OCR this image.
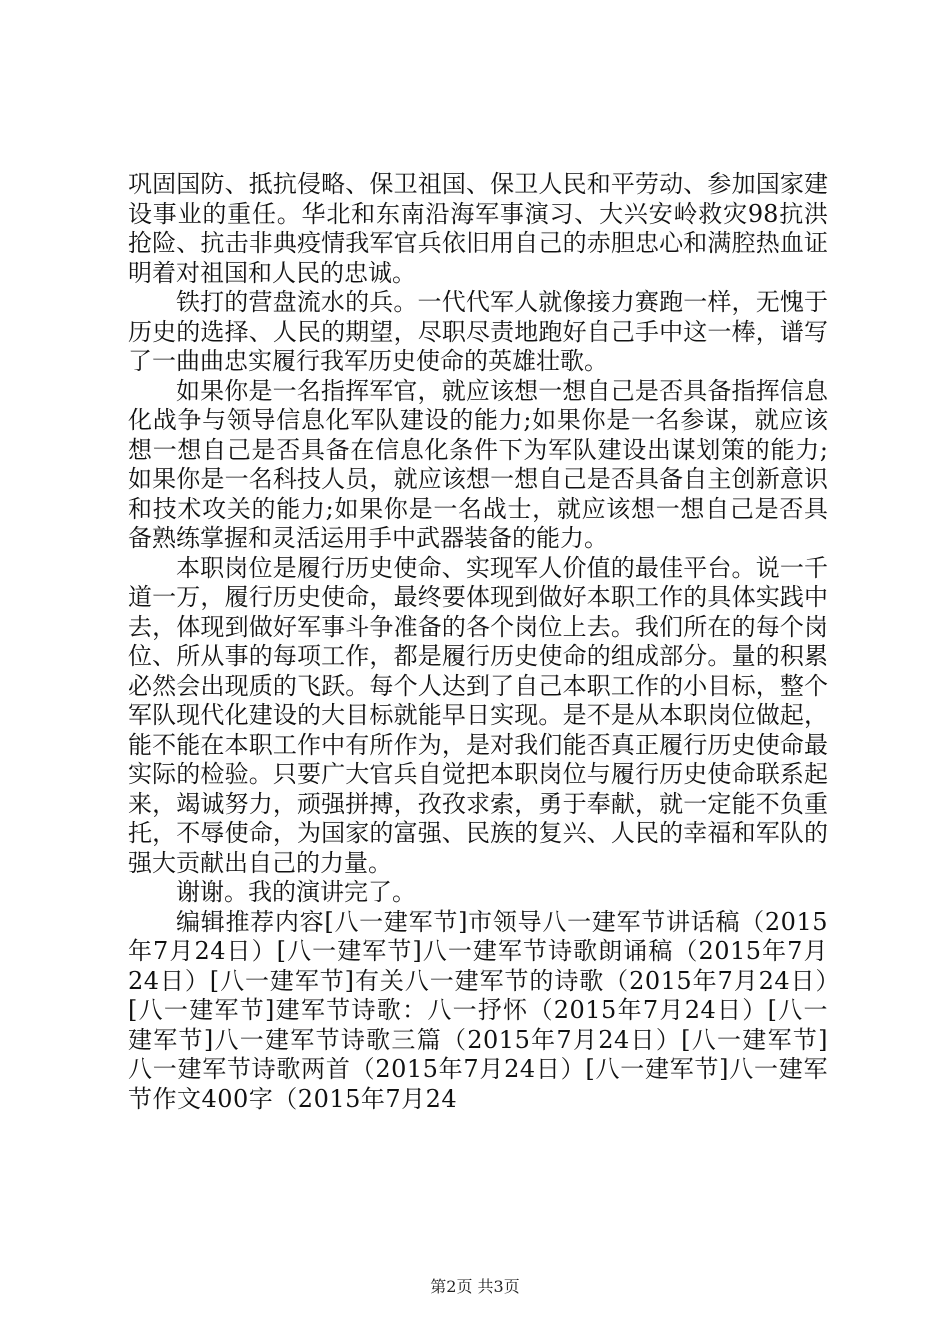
巩固国防、抵抗侵略、保卫祖国、保卫人民和平劳动、参加国家建设事业的重任。华北和东南沿海军事演习、大兴安岭救灾98抗洪抢险、抗击非典疫情我军官兵依旧用自己的赤胆忠心和满腔热血证明着对祖国和人民的忠诚。

铁打的营盘流水的兵。一代代军人就像接力赛跑一样，无愧于历史的选择、人民的期望，尽职尽责地跑好自己手中这一棒，谱写了一曲曲忠实履行我军历史使命的英雄壮歌。

如果你是一名指挥军官，就应该想一想自己是否具备指挥信息化战争与领导信息化军队建设的能力;如果你是一名参谋，就应该想一想自己是否具备在信息化条件下为军队建设出谋划策的能力;如果你是一名科技人员，就应该想一想自己是否具备自主创新意识和技术攻关的能力;如果你是一名战士，就应该想一想自己是否具备熟练掌握和灵活运用手中武器装备的能力。

本职岗位是履行历史使命、实现军人价值的最佳平台。说一千道一万，履行历史使命，最终要体现到做好本职工作的具体实践中去，体现到做好军事斗争准备的各个岗位上去。我们所在的每个岗位、所从事的每项工作，都是履行历史使命的组成部分。量的积累必然会出现质的飞跃。每个人达到了自己本职工作的小目标，整个军队现代化建设的大目标就能早日实现。是不是从本职岗位做起，能不能在本职工作中有所作为，是对我们能否真正履行历史使命最实际的检验。只要广大官兵自觉把本职岗位与履行历史使命联系起来，竭诚努力，顽强拼搏，孜孜求索，勇于奉献，就一定能不负重托，不辱使命，为国家的富强、民族的复兴、人民的幸福和军队的强大贡献出自己的力量。

谢谢。我的演讲完了。

编辑推荐内容[八一建军节]市领导八一建军节讲话稿（2015年7月24日）[八一建军节]八一建军节诗歌朗诵稿（2015年7月24日）[八一建军节]有关八一建军节的诗歌（2015年7月24日）[八一建军节]建军节诗歌：八一抒怀（2015年7月24日）[八一建军节]八一建军节诗歌三篇（2015年7月24日）[八一建军节]八一建军节诗歌两首（2015年7月24日）[八一建军节]八一建军节作文400字（2015年7月24

第2页 共3页
